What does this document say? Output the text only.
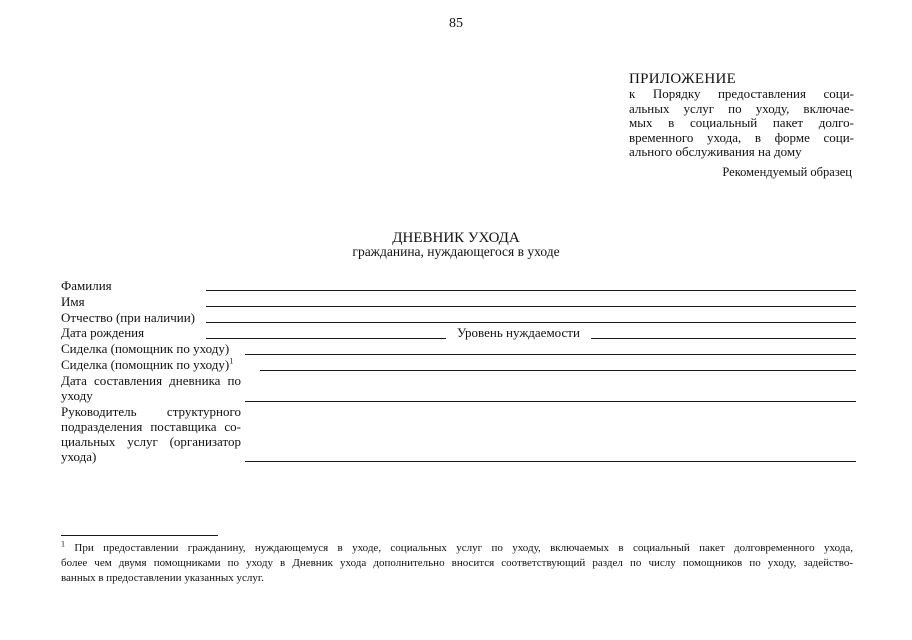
85
ПРИЛОЖЕНИЕ
к Порядку предоставления соци-
альных услуг по уходу, включае-
мых в социальный пакет долго-
временного ухода, в форме соци-
ального обслуживания на дому
Рекомендуемый образец
ДНЕВНИК УХОДА
гражданина, нуждающегося в уходе
Фамилия
Имя
Отчество (при наличии)
Дата рождения	Уровень нуждаемости
Сиделка (помощник по уходу)
Сиделка (помощник по уходу)$^1$
Дата составления дневника по
уходу
Руководитель структурного
подразделения поставщика со-
циальных услуг (организатор
ухода)
$^1$ При предоставлении гражданину, нуждающемуся в уходе, социальных услуг по уходу, включаемых в социальный пакет долговременного ухода,
более чем двумя помощниками по уходу в Дневник ухода дополнительно вносится соответствующий раздел по числу помощников по уходу, задейство-
ванных в предоставлении указанных услуг.
